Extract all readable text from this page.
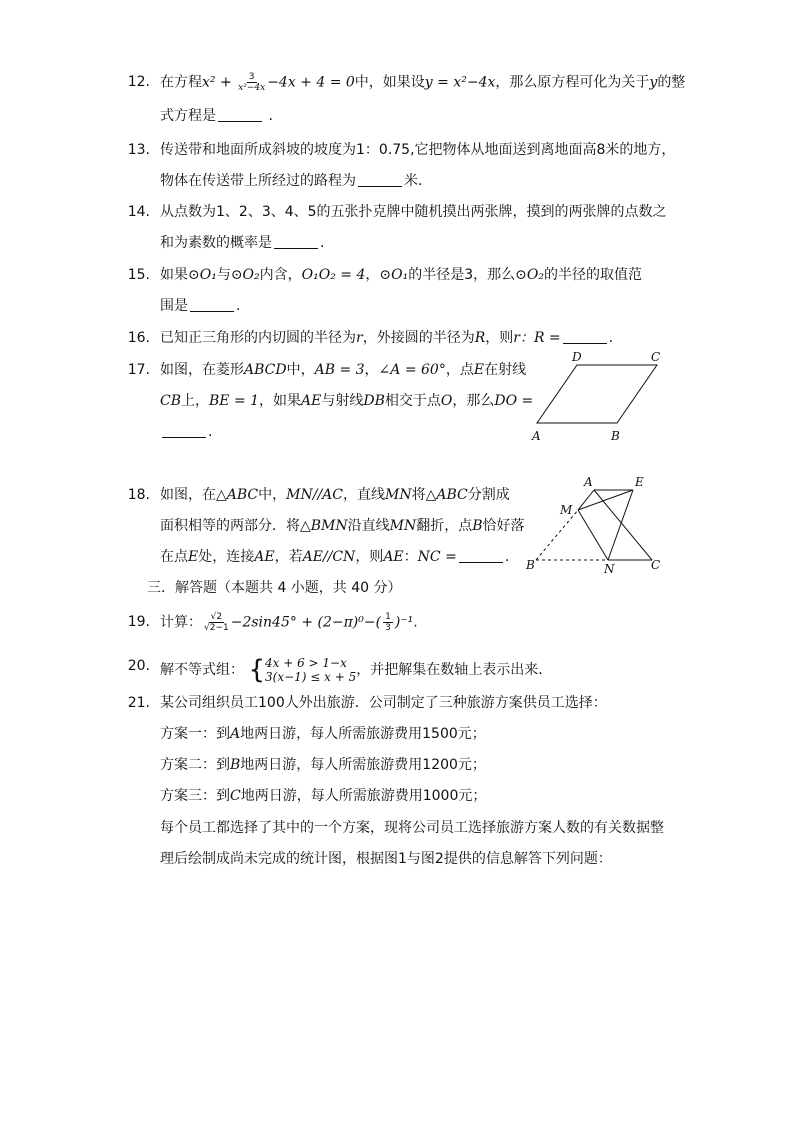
12. 在方程$x^2 + \frac{3}{\text{x²−4x}} -4x + 4 = 0$中，如果设y = x²−4x，那么原方程可化为关于y的整
式方程是	.
13. 传送带和地面所成斜坡的坡度为1：0.75,它把物体从地面送到离地面高8米的地方，
物体在传送带上所经过的路程为	米．
14. 从点数为1、2、3、4、5的五张扑克牌中随机摸出两张牌，摸到的两张牌的点数之
和为素数的概率是	.
15. 如果⊙O₁与⊙O₂内含，O₁O₂ = 4，⊙O₁的半径是3，那么⊙O₂的半径的取值范
围是	.
16. 已知正三角形的内切圆的半径为r，外接圆的半径为R，则r：R =	.
17. 如图，在菱形ABCD中，AB = 3，∠A = 60°，点E在射线
CB上，BE = 1，如果AE与射线DB相交于点O，那么DO =
.	A	B
C
D
18. 如图，在△ABC中，MN//AC，直线MN将△ABC分割成
面积相等的两部分．将△BMN沿直线MN翻折，点B恰好落
在点E处，连接AE，若AE//CN，则AE：NC =	.
A	E
M
B	N	C
三．解答题（本题共 4 小题，共 40 分）
19. 计算： $\frac{√2}{√2-1} -2\sin 45^\circ + (2-\pi)^0-( \frac{1}{3} )^{-1}$.
20. 解不等式组： { 4x + 6 > 1−x
3(x−1) ≤ x + 5 ，并把解集在数轴上表示出来．
21. 某公司组织员工100人外出旅游．公司制定了三种旅游方案供员工选择：
方案一：到A地两日游，每人所需旅游费用1500元；
方案二：到B地两日游，每人所需旅游费用1200元；
方案三：到C地两日游，每人所需旅游费用1000元；
每个员工都选择了其中的一个方案，现将公司员工选择旅游方案人数的有关数据整
理后绘制成尚未完成的统计图，根据图1与图2提供的信息解答下列问题：
